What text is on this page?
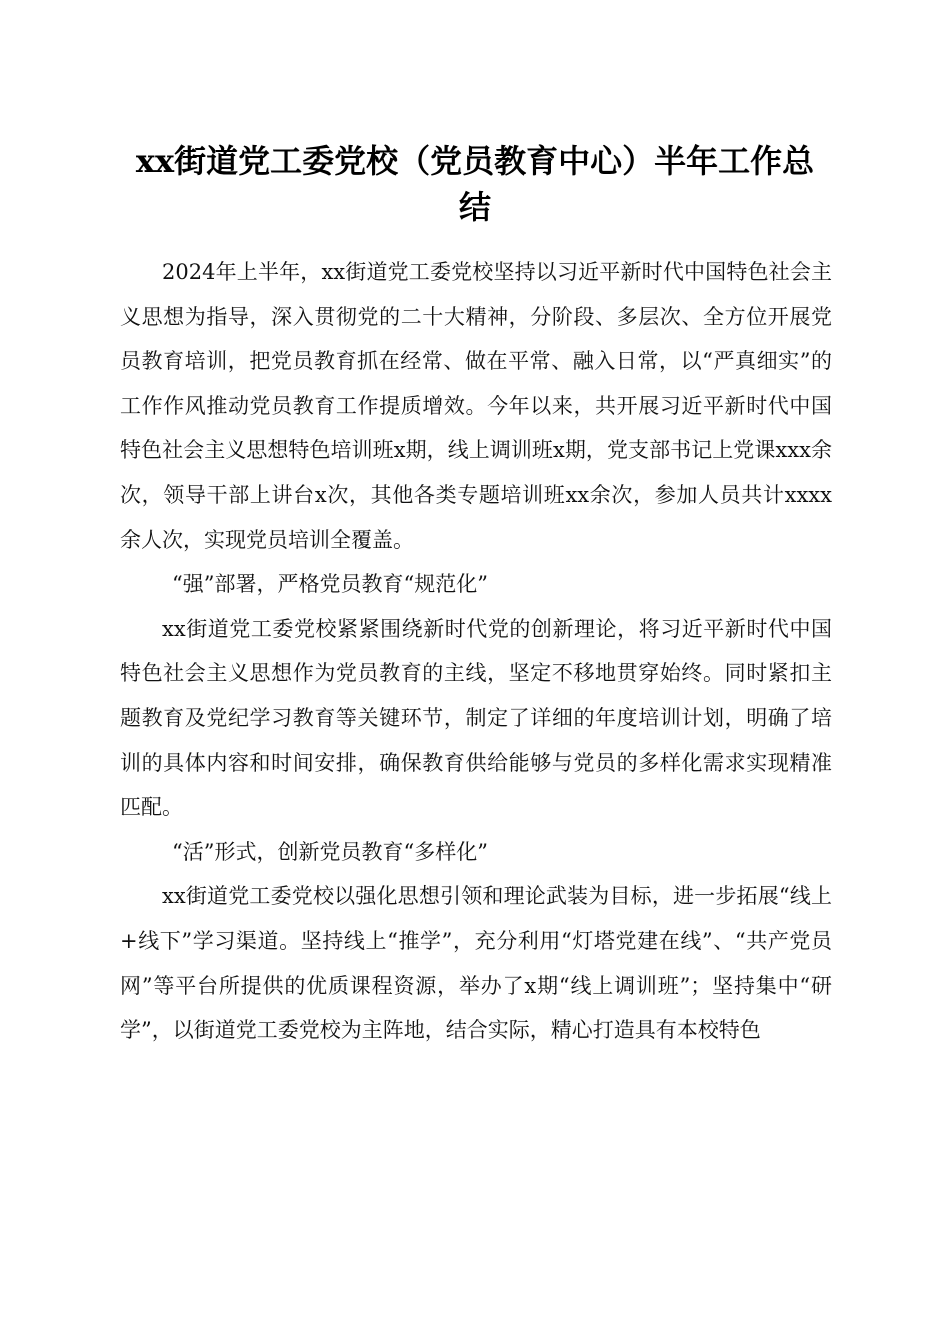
xx街道党工委党校（党员教育中心）半年工作总结

2024年上半年，xx街道党工委党校坚持以习近平新时代中国特色社会主义思想为指导，深入贯彻党的二十大精神，分阶段、多层次、全方位开展党员教育培训，把党员教育抓在经常、做在平常、融入日常，以“严真细实”的工作作风推动党员教育工作提质增效。今年以来，共开展习近平新时代中国特色社会主义思想特色培训班x期，线上调训班x期，党支部书记上党课xxx余次，领导干部上讲台x次，其他各类专题培训班xx余次，参加人员共计xxxx余人次，实现党员培训全覆盖。

“强”部署，严格党员教育“规范化”

xx街道党工委党校紧紧围绕新时代党的创新理论，将习近平新时代中国特色社会主义思想作为党员教育的主线，坚定不移地贯穿始终。同时紧扣主题教育及党纪学习教育等关键环节，制定了详细的年度培训计划，明确了培训的具体内容和时间安排，确保教育供给能够与党员的多样化需求实现精准匹配。

“活”形式，创新党员教育“多样化”

xx街道党工委党校以强化思想引领和理论武装为目标，进一步拓展“线上+线下”学习渠道。坚持线上“推学”，充分利用“灯塔党建在线”、“共产党员网”等平台所提供的优质课程资源，举办了x期“线上调训班”；坚持集中“研学”，以街道党工委党校为主阵地，结合实际，精心打造具有本校特色
